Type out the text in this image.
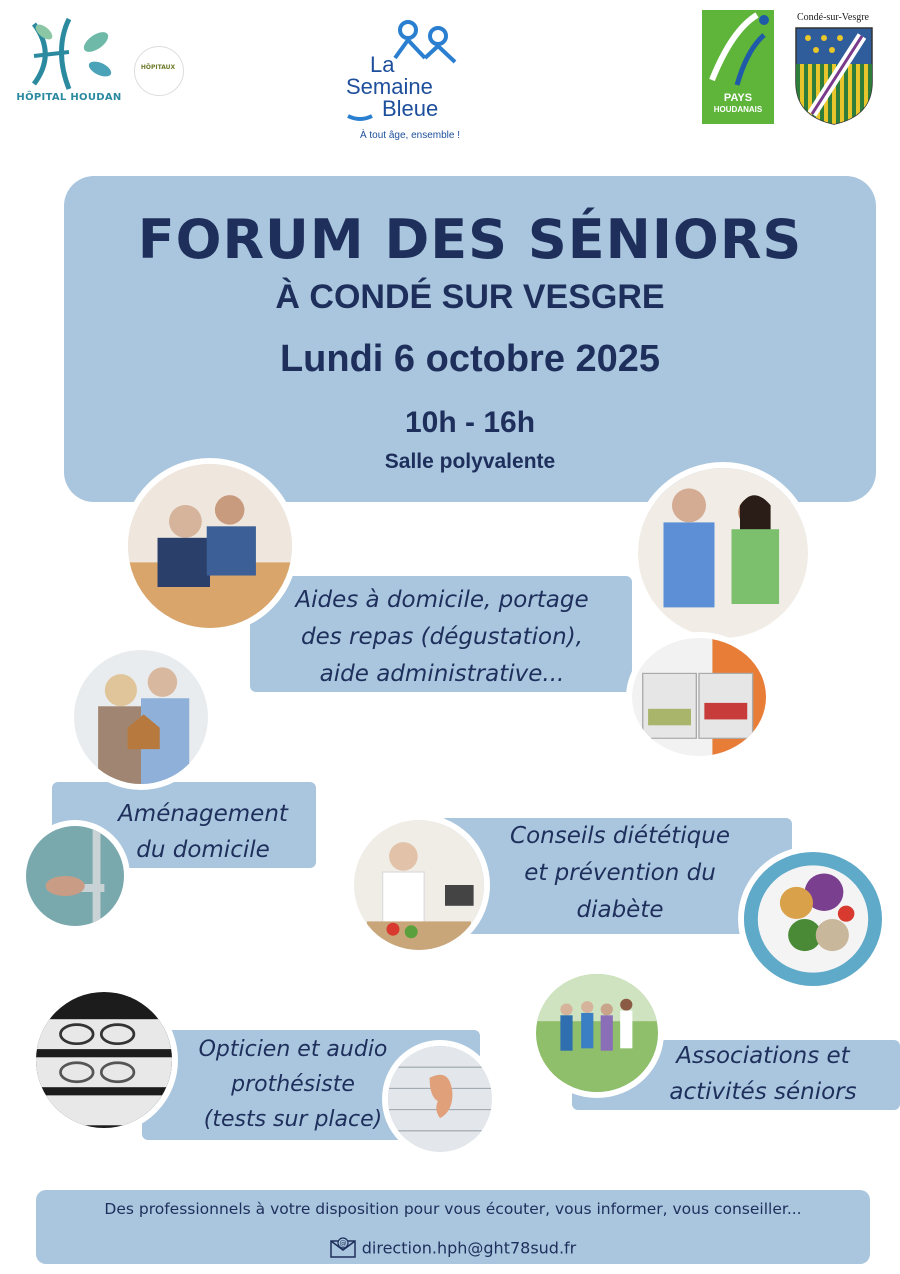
HÔPITAL HOUDAN
HÔPITAUX	La
Semaine
Bleue
À tout âge, ensemble !
PAYS
HOUDANAIS
Condé-sur-Vesgre
FORUM DES SÉNIORS
À CONDÉ SUR VESGRE
Lundi 6 octobre 2025
10h - 16h
Salle polyvalente
Aides à domicile, portage
des repas (dégustation),
aide administrative...
Aménagement
du domicile
Conseils diététique
et prévention du
diabète
Opticien et audio
prothésiste
(tests sur place)
Associations et
activités séniors
Des professionnels à votre disposition pour vous écouter, vous informer, vous conseiller...
@ direction.hph@ght78sud.fr
